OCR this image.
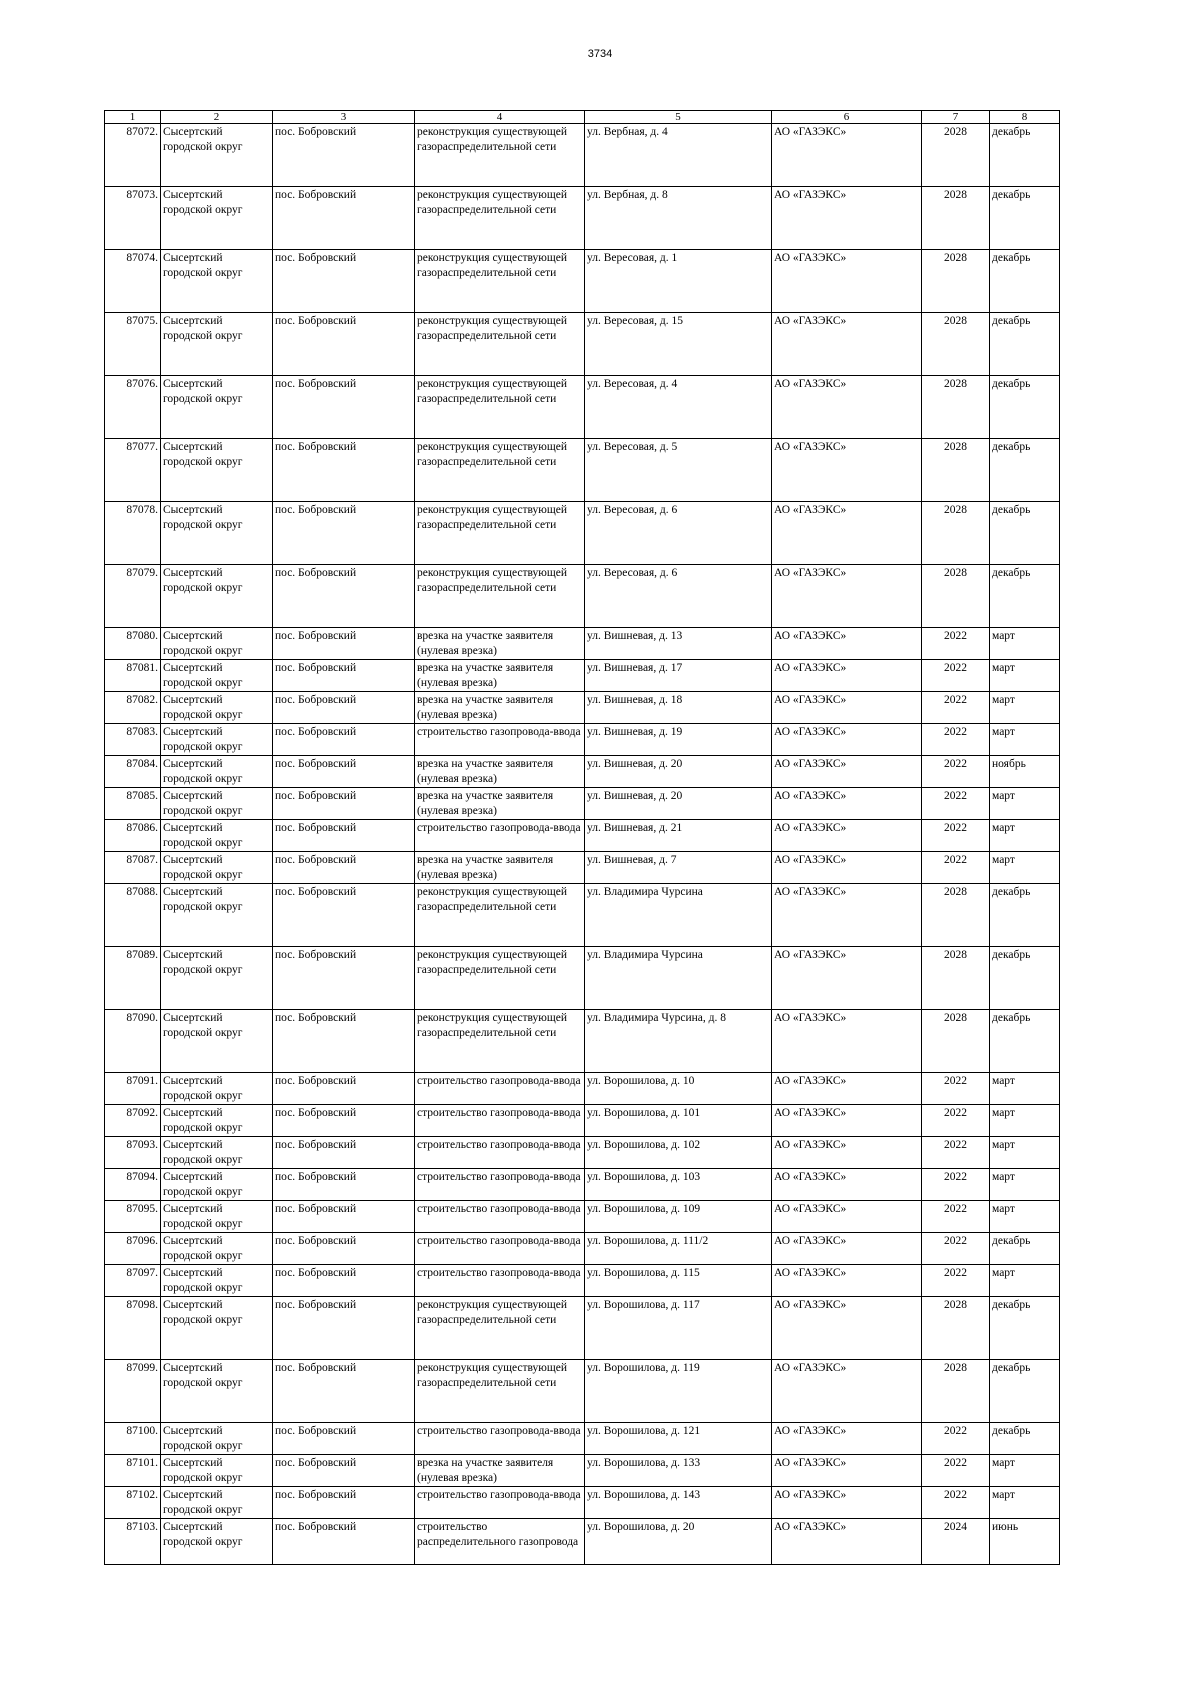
3734
1	2	3	4	5	6	7	8
87072.	Сысертский городской округ	пос. Бобровский	реконструкция существующей газораспределительной сети	ул. Вербная, д. 4	АО «ГАЗЭКС»	2028	декабрь
87073.	Сысертский городской округ	пос. Бобровский	реконструкция существующей газораспределительной сети	ул. Вербная, д. 8	АО «ГАЗЭКС»	2028	декабрь
87074.	Сысертский городской округ	пос. Бобровский	реконструкция существующей газораспределительной сети	ул. Вересовая, д. 1	АО «ГАЗЭКС»	2028	декабрь
87075.	Сысертский городской округ	пос. Бобровский	реконструкция существующей газораспределительной сети	ул. Вересовая, д. 15	АО «ГАЗЭКС»	2028	декабрь
87076.	Сысертский городской округ	пос. Бобровский	реконструкция существующей газораспределительной сети	ул. Вересовая, д. 4	АО «ГАЗЭКС»	2028	декабрь
87077.	Сысертский городской округ	пос. Бобровский	реконструкция существующей газораспределительной сети	ул. Вересовая, д. 5	АО «ГАЗЭКС»	2028	декабрь
87078.	Сысертский городской округ	пос. Бобровский	реконструкция существующей газораспределительной сети	ул. Вересовая, д. 6	АО «ГАЗЭКС»	2028	декабрь
87079.	Сысертский городской округ	пос. Бобровский	реконструкция существующей газораспределительной сети	ул. Вересовая, д. 6	АО «ГАЗЭКС»	2028	декабрь
87080.	Сысертский городской округ	пос. Бобровский	врезка на участке заявителя (нулевая врезка)	ул. Вишневая, д. 13	АО «ГАЗЭКС»	2022	март
87081.	Сысертский городской округ	пос. Бобровский	врезка на участке заявителя (нулевая врезка)	ул. Вишневая, д. 17	АО «ГАЗЭКС»	2022	март
87082.	Сысертский городской округ	пос. Бобровский	врезка на участке заявителя (нулевая врезка)	ул. Вишневая, д. 18	АО «ГАЗЭКС»	2022	март
87083.	Сысертский городской округ	пос. Бобровский	строительство газопровода-ввода	ул. Вишневая, д. 19	АО «ГАЗЭКС»	2022	март
87084.	Сысертский городской округ	пос. Бобровский	врезка на участке заявителя (нулевая врезка)	ул. Вишневая, д. 20	АО «ГАЗЭКС»	2022	ноябрь
87085.	Сысертский городской округ	пос. Бобровский	врезка на участке заявителя (нулевая врезка)	ул. Вишневая, д. 20	АО «ГАЗЭКС»	2022	март
87086.	Сысертский городской округ	пос. Бобровский	строительство газопровода-ввода	ул. Вишневая, д. 21	АО «ГАЗЭКС»	2022	март
87087.	Сысертский городской округ	пос. Бобровский	врезка на участке заявителя (нулевая врезка)	ул. Вишневая, д. 7	АО «ГАЗЭКС»	2022	март
87088.	Сысертский городской округ	пос. Бобровский	реконструкция существующей газораспределительной сети	ул. Владимира Чурсина	АО «ГАЗЭКС»	2028	декабрь
87089.	Сысертский городской округ	пос. Бобровский	реконструкция существующей газораспределительной сети	ул. Владимира Чурсина	АО «ГАЗЭКС»	2028	декабрь
87090.	Сысертский городской округ	пос. Бобровский	реконструкция существующей газораспределительной сети	ул. Владимира Чурсина, д. 8	АО «ГАЗЭКС»	2028	декабрь
87091.	Сысертский городской округ	пос. Бобровский	строительство газопровода-ввода	ул. Ворошилова, д. 10	АО «ГАЗЭКС»	2022	март
87092.	Сысертский городской округ	пос. Бобровский	строительство газопровода-ввода	ул. Ворошилова, д. 101	АО «ГАЗЭКС»	2022	март
87093.	Сысертский городской округ	пос. Бобровский	строительство газопровода-ввода	ул. Ворошилова, д. 102	АО «ГАЗЭКС»	2022	март
87094.	Сысертский городской округ	пос. Бобровский	строительство газопровода-ввода	ул. Ворошилова, д. 103	АО «ГАЗЭКС»	2022	март
87095.	Сысертский городской округ	пос. Бобровский	строительство газопровода-ввода	ул. Ворошилова, д. 109	АО «ГАЗЭКС»	2022	март
87096.	Сысертский городской округ	пос. Бобровский	строительство газопровода-ввода	ул. Ворошилова, д. 111/2	АО «ГАЗЭКС»	2022	декабрь
87097.	Сысертский городской округ	пос. Бобровский	строительство газопровода-ввода	ул. Ворошилова, д. 115	АО «ГАЗЭКС»	2022	март
87098.	Сысертский городской округ	пос. Бобровский	реконструкция существующей газораспределительной сети	ул. Ворошилова, д. 117	АО «ГАЗЭКС»	2028	декабрь
87099.	Сысертский городской округ	пос. Бобровский	реконструкция существующей газораспределительной сети	ул. Ворошилова, д. 119	АО «ГАЗЭКС»	2028	декабрь
87100.	Сысертский городской округ	пос. Бобровский	строительство газопровода-ввода	ул. Ворошилова, д. 121	АО «ГАЗЭКС»	2022	декабрь
87101.	Сысертский городской округ	пос. Бобровский	врезка на участке заявителя (нулевая врезка)	ул. Ворошилова, д. 133	АО «ГАЗЭКС»	2022	март
87102.	Сысертский городской округ	пос. Бобровский	строительство газопровода-ввода	ул. Ворошилова, д. 143	АО «ГАЗЭКС»	2022	март
87103.	Сысертский городской округ	пос. Бобровский	строительство распределительного газопровода	ул. Ворошилова, д. 20	АО «ГАЗЭКС»	2024	июнь
